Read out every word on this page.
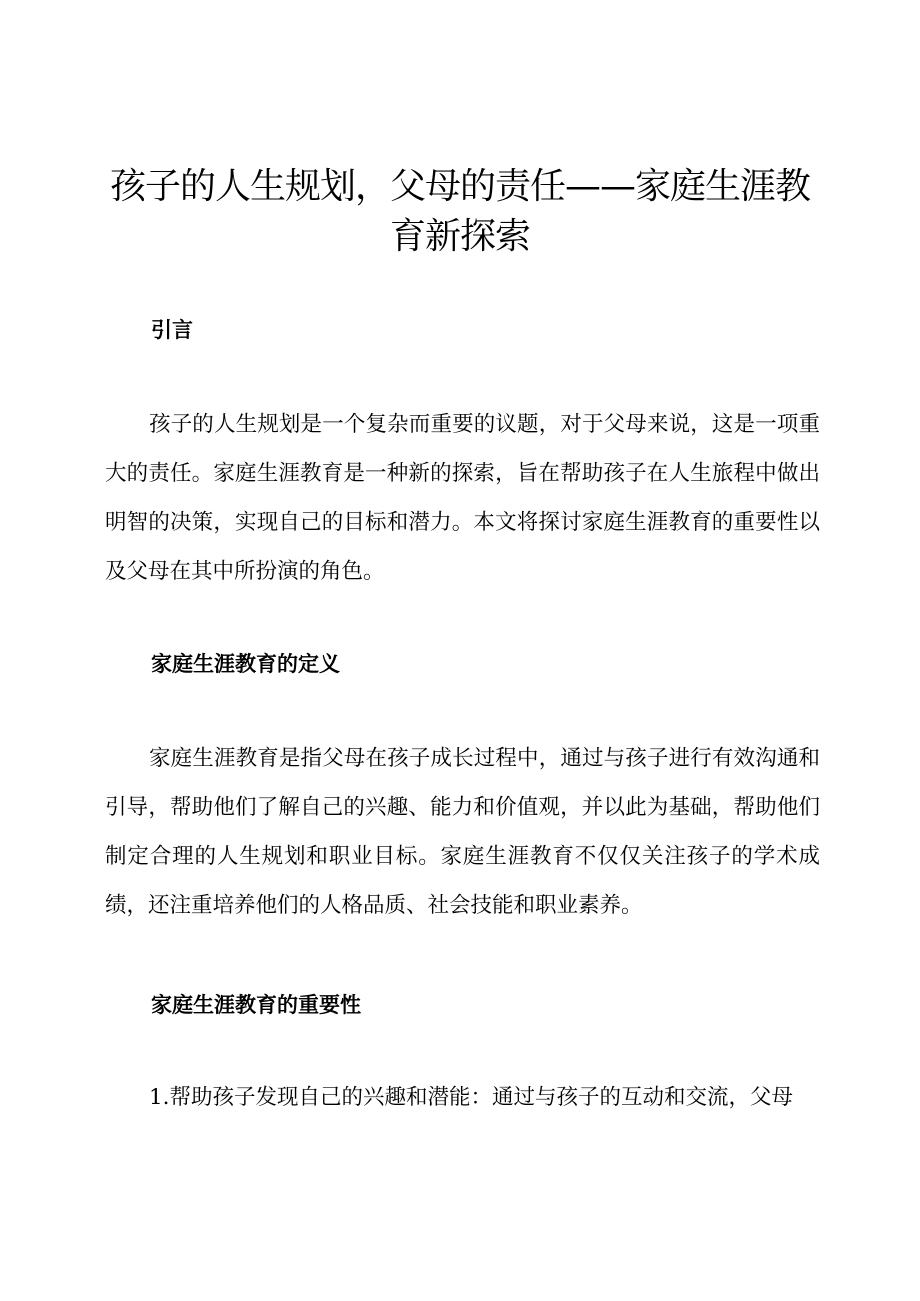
孩子的人生规划，父母的责任——家庭生涯教育新探索
引言

孩子的人生规划是一个复杂而重要的议题，对于父母来说，这是一项重大的责任。家庭生涯教育是一种新的探索，旨在帮助孩子在人生旅程中做出明智的决策，实现自己的目标和潜力。本文将探讨家庭生涯教育的重要性以及父母在其中所扮演的角色。

家庭生涯教育的定义

家庭生涯教育是指父母在孩子成长过程中，通过与孩子进行有效沟通和引导，帮助他们了解自己的兴趣、能力和价值观，并以此为基础，帮助他们制定合理的人生规划和职业目标。家庭生涯教育不仅仅关注孩子的学术成绩，还注重培养他们的人格品质、社会技能和职业素养。

家庭生涯教育的重要性

1.帮助孩子发现自己的兴趣和潜能：通过与孩子的互动和交流，父母
